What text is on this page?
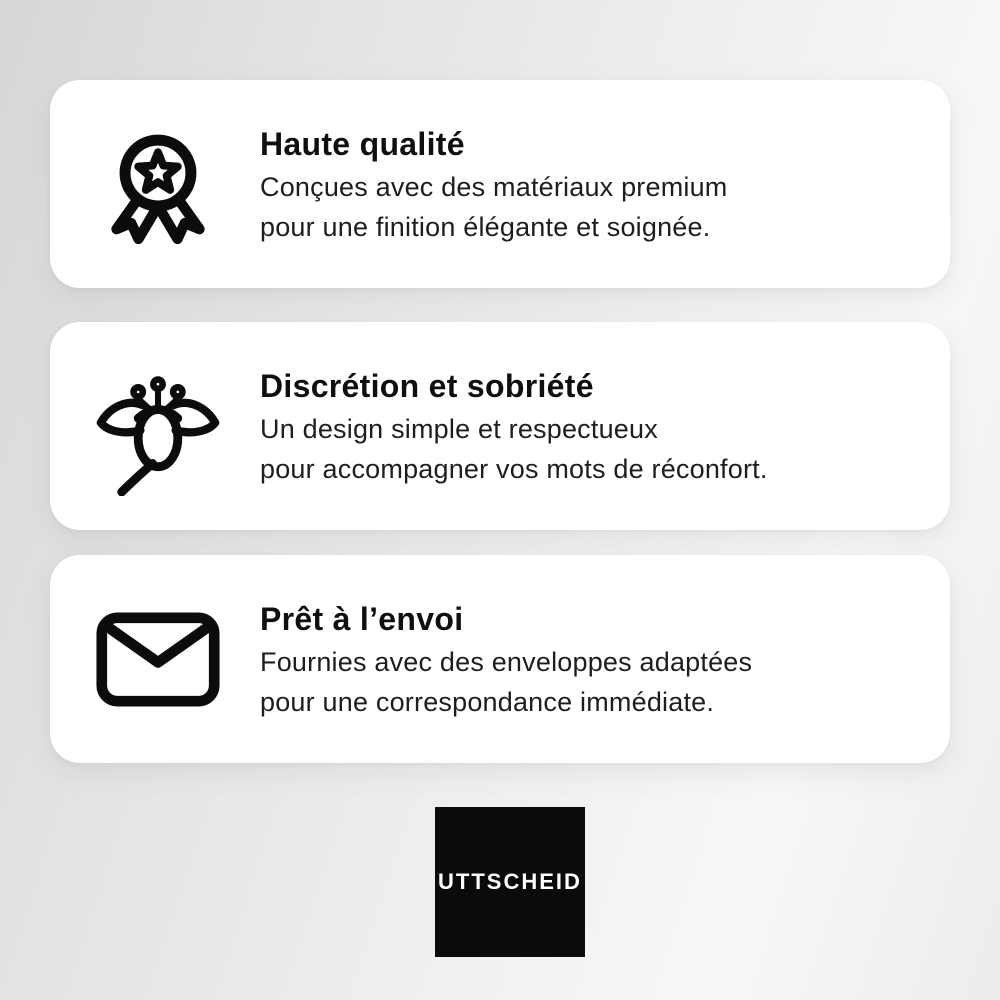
Haute qualité
Conçues avec des matériaux premium
pour une finition élégante et soignée.
Discrétion et sobriété
Un design simple et respectueux
pour accompagner vos mots de réconfort.
Prêt à l’envoi
Fournies avec des enveloppes adaptées
pour une correspondance immédiate.
UTTSCHEID
